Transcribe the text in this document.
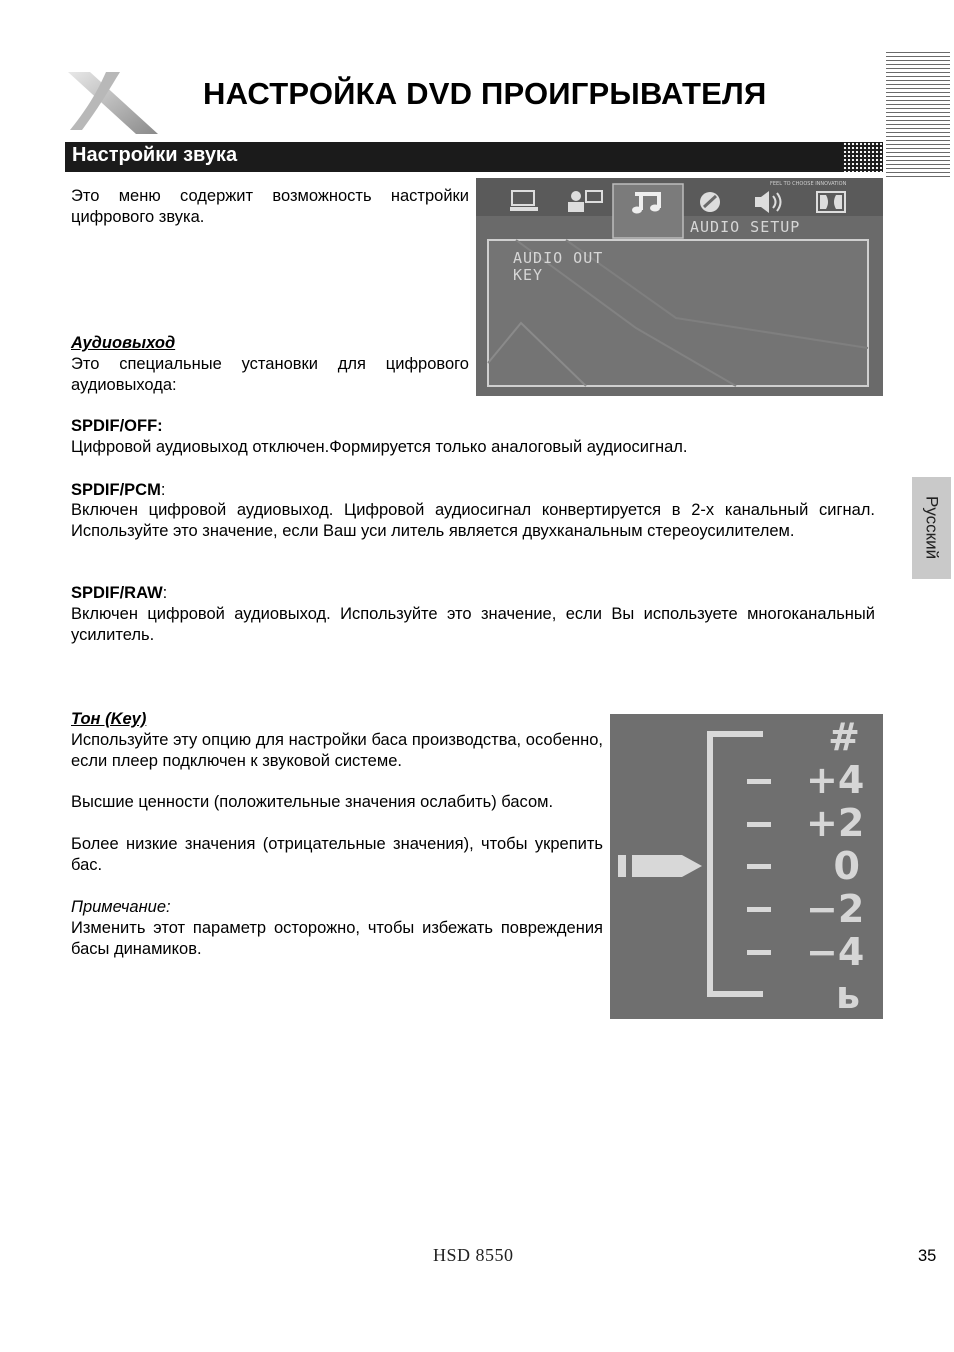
НАСТРОЙКА DVD ПРОИГРЫВАТЕЛЯ
Настройки звука
Это меню содержит возможность настройки цифрового звука.
FEEL TO CHOOSE INNOVATION
AUDIO SETUP
AUDIO OUT
KEY
Аудиовыход
Это специальные установки для цифрового аудиовыхода:
SPDIF/OFF:
Цифровой аудиовыход отключен.Формируется только аналоговый аудиосигнал.
SPDIF/PCM:
Включен цифровой аудиовыход. Цифровой аудиосигнал конвертируется в 2-х канальный сигнал. Используйте это значение, если Ваш уси литель является двухканальным стереоусилителем.
SPDIF/RAW:
Включен цифровой аудиовыход. Используйте это значение, если Вы используете многоканальный усилитель.
Русский
Тон (Key)
Используйте эту опцию для настройки баса производства, особенно, если плеер подключен к звуковой системе.
Высшие ценности (положительные значения ослабить) басом.
Более низкие значения (отрицательные значения), чтобы укрепить бас.
Примечание:
Изменить этот параметр осторожно, чтобы избежать повреждения басы динамиков.
#
+4
+2
0
−2
−4
ь
HSD 8550	35
